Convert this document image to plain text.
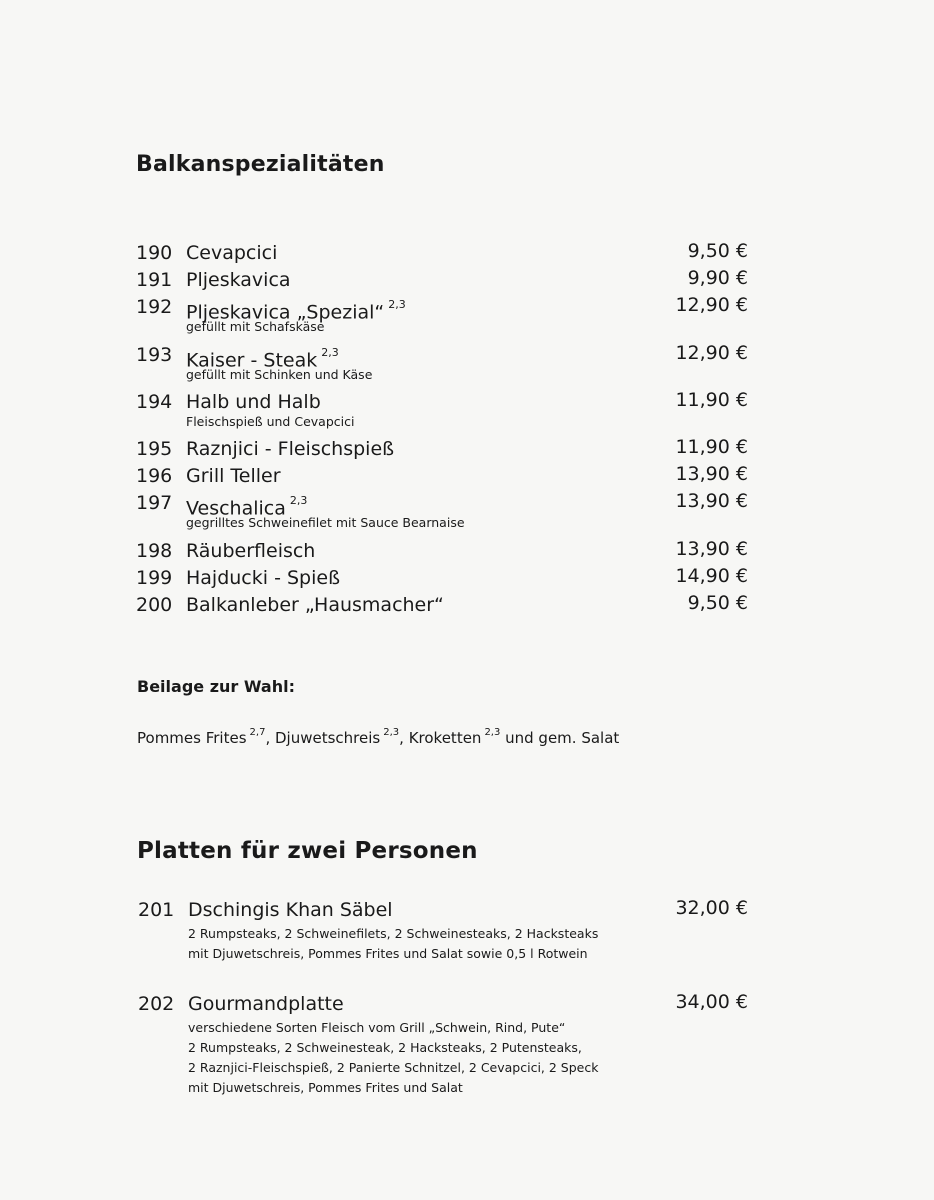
Balkanspezialitäten
190 Cevapcici	9,50 €
191 Pljeskavica	9,90 €
192 Pljeskavica „Spezial“ $^{2,3}$	12,90 €
gefüllt mit Schafskäse
193 Kaiser - Steak $^{2,3}$	12,90 €
gefüllt mit Schinken und Käse
194 Halb und Halb	11,90 €
Fleischspieß und Cevapcici
195 Raznjici - Fleischspieß	11,90 €
196 Grill Teller	13,90 €
197 Veschalica $^{2,3}$	13,90 €
gegrilltes Schweinefilet mit Sauce Bearnaise
198 Räuberfleisch	13,90 €
199 Hajducki - Spieß	14,90 €
200 Balkanleber „Hausmacher“	9,50 €
Beilage zur Wahl:
Pommes Frites $^{2,7}$, Djuwetschreis $^{2,3}$, Kroketten $^{2,3}$ und gem. Salat
Platten für zwei Personen
201 Dschingis Khan Säbel	32,00 €
2 Rumpsteaks, 2 Schweinefilets, 2 Schweinesteaks, 2 Hacksteaks
mit Djuwetschreis, Pommes Frites und Salat sowie 0,5 l Rotwein
202 Gourmandplatte	34,00 €
verschiedene Sorten Fleisch vom Grill „Schwein, Rind, Pute“
2 Rumpsteaks, 2 Schweinesteak, 2 Hacksteaks, 2 Putensteaks,
2 Raznjici-Fleischspieß, 2 Panierte Schnitzel, 2 Cevapcici, 2 Speck
mit Djuwetschreis, Pommes Frites und Salat
